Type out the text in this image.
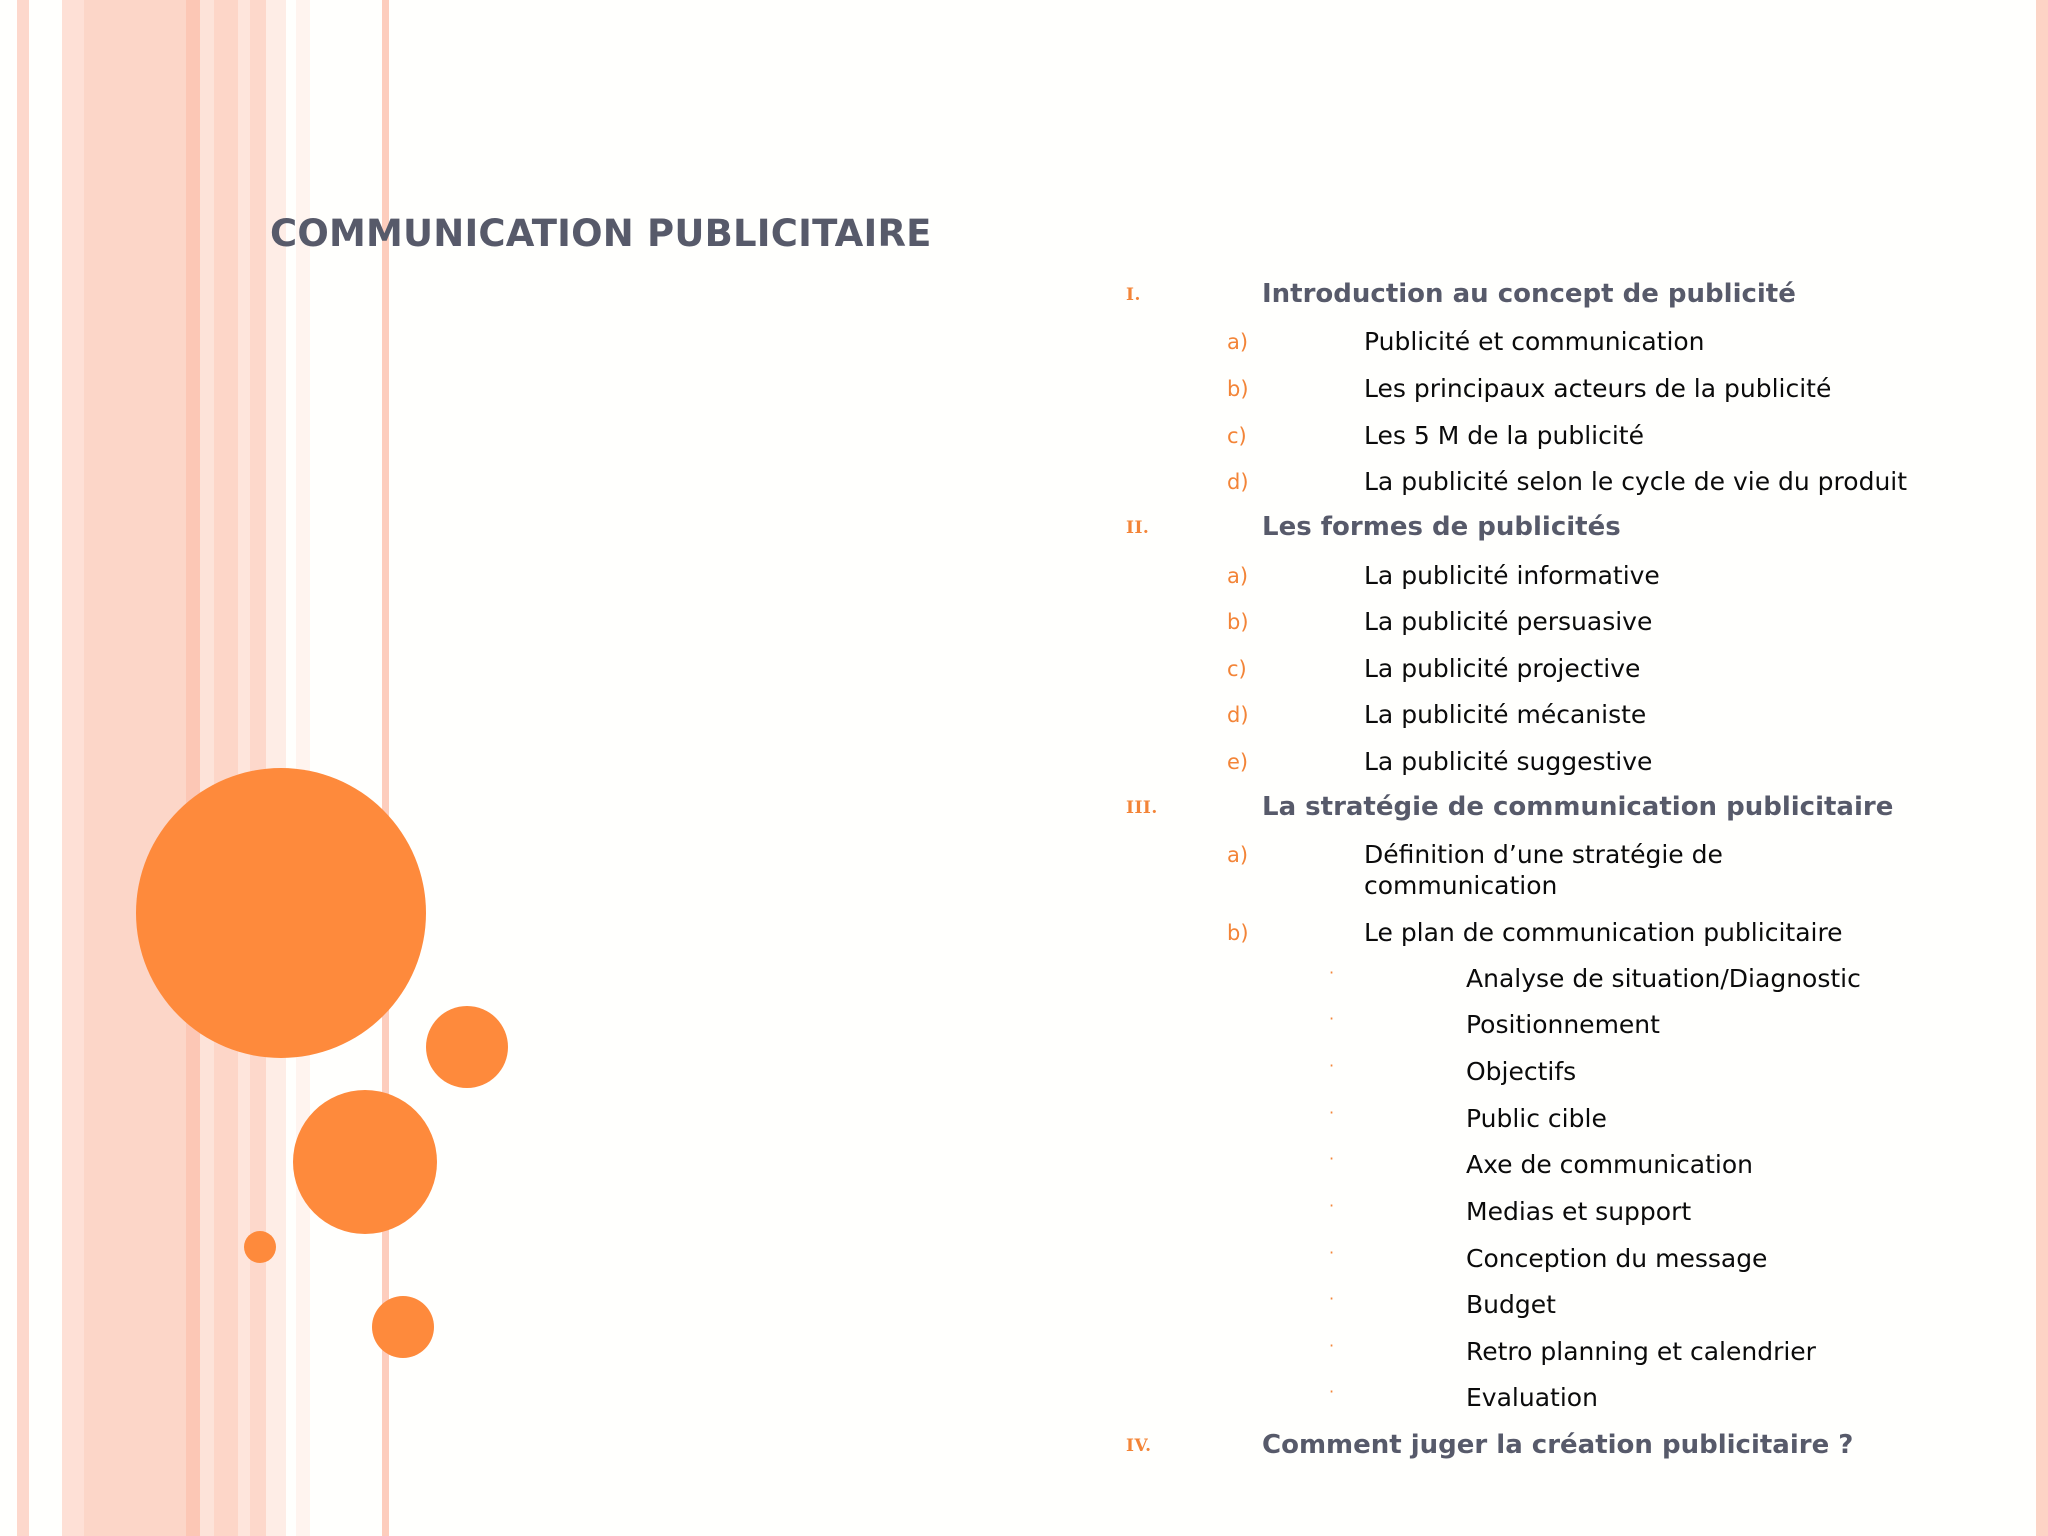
COMMUNICATION PUBLICITAIRE
I.	Introduction au concept de publicité
a)	Publicité et communication
b)	Les principaux acteurs de la publicité
c)	Les 5 M de la publicité
d)	La publicité selon le cycle de vie du produit
II.	Les formes de publicités
a)	La publicité informative
b)	La publicité persuasive
c)	La publicité projective
d)	La publicité mécaniste
e)	La publicité suggestive
III.	La stratégie de communication publicitaire
a)	Définition d’une stratégie de
communication
b)	Le plan de communication publicitaire
·	Analyse de situation/Diagnostic
·	Positionnement
·	Objectifs
·	Public cible
·	Axe de communication
·	Medias et support
·	Conception du message
·	Budget
·	Retro planning et calendrier
·	Evaluation
IV.	Comment juger la création publicitaire ?
